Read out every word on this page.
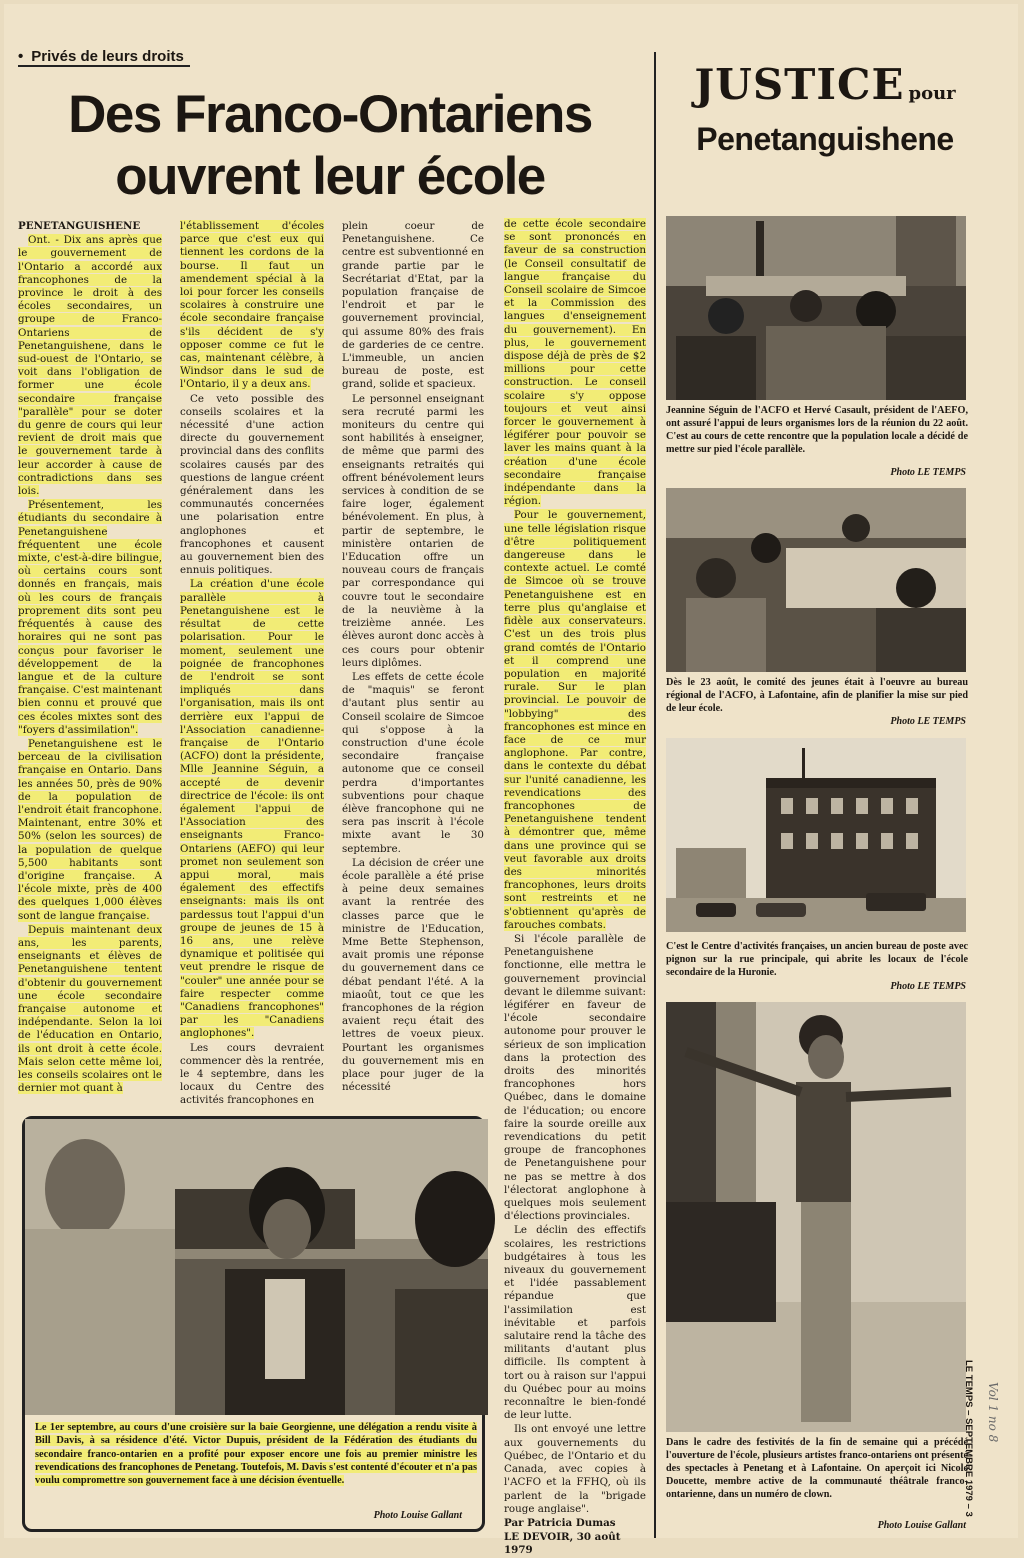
• Privés de leurs droits
Des Franco-Ontariens
ouvrent leur école
JUSTICE pour
Penetanguishene

PENETANGUISHENE

Ont. - Dix ans après que le gouvernement de l'Ontario a accordé aux francophones de la province le droit à des écoles secondaires, un groupe de Franco-Ontariens de Penetanguishene, dans le sud-ouest de l'Ontario, se voit dans l'obligation de former une école secondaire française "parallèle" pour se doter du genre de cours qui leur revient de droit mais que le gouvernement tarde à leur accorder à cause de contradictions dans ses lois.

Présentement, les étudiants du secondaire à Penetanguishene fréquentent une école mixte, c'est-à-dire bilingue, où certains cours sont donnés en français, mais où les cours de français proprement dits sont peu fréquentés à cause des horaires qui ne sont pas conçus pour favoriser le développement de la langue et de la culture française. C'est maintenant bien connu et prouvé que ces écoles mixtes sont des "foyers d'assimilation".

Penetanguishene est le berceau de la civilisation française en Ontario. Dans les années 50, près de 90% de la population de l'endroit était francophone. Maintenant, entre 30% et 50% (selon les sources) de la population de quelque 5,500 habitants sont d'origine française. A l'école mixte, près de 400 des quelques 1,000 élèves sont de langue française.

Depuis maintenant deux ans, les parents, enseignants et élèves de Penetanguishene tentent d'obtenir du gouvernement une école secondaire française autonome et indépendante. Selon la loi de l'éducation en Ontario, ils ont droit à cette école. Mais selon cette même loi, les conseils scolaires ont le dernier mot quant à

l'établissement d'écoles parce que c'est eux qui tiennent les cordons de la bourse. Il faut un amendement spécial à la loi pour forcer les conseils scolaires à construire une école secondaire française s'ils décident de s'y opposer comme ce fut le cas, maintenant célèbre, à Windsor dans le sud de l'Ontario, il y a deux ans.

Ce veto possible des conseils scolaires et la nécessité d'une action directe du gouvernement provincial dans des conflits scolaires causés par des questions de langue créent généralement dans les communautés concernées une polarisation entre anglophones et francophones et causent au gouvernement bien des ennuis politiques.

La création d'une école parallèle à Penetanguishene est le résultat de cette polarisation. Pour le moment, seulement une poignée de francophones de l'endroit se sont impliqués dans l'organisation, mais ils ont derrière eux l'appui de l'Association canadienne-française de l'Ontario (ACFO) dont la présidente, Mlle Jeannine Séguin, a accepté de devenir directrice de l'école: ils ont également l'appui de l'Association des enseignants Franco-Ontariens (AEFO) qui leur promet non seulement son appui moral, mais également des effectifs enseignants: mais ils ont pardessus tout l'appui d'un groupe de jeunes de 15 à 16 ans, une relève dynamique et politisée qui veut prendre le risque de "couler" une année pour se faire respecter comme "Canadiens francophones" par les "Canadiens anglophones".

Les cours devraient commencer dès la rentrée, le 4 septembre, dans les locaux du Centre des activités francophones en

plein coeur de Penetanguishene. Ce centre est subventionné en grande partie par le Secrétariat d'Etat, par la population française de l'endroit et par le gouvernement provincial, qui assume 80% des frais de garderies de ce centre. L'immeuble, un ancien bureau de poste, est grand, solide et spacieux.

Le personnel enseignant sera recruté parmi les moniteurs du centre qui sont habilités à enseigner, de même que parmi des enseignants retraités qui offrent bénévolement leurs services à condition de se faire loger, également bénévolement. En plus, à partir de septembre, le ministère ontarien de l'Education offre un nouveau cours de français par correspondance qui couvre tout le secondaire de la neuvième à la treizième année. Les élèves auront donc accès à ces cours pour obtenir leurs diplômes.

Les effets de cette école de "maquis" se feront d'autant plus sentir au Conseil scolaire de Simcoe qui s'oppose à la construction d'une école secondaire française autonome que ce conseil perdra d'importantes subventions pour chaque élève francophone qui ne sera pas inscrit à l'école mixte avant le 30 septembre.

La décision de créer une école parallèle a été prise à peine deux semaines avant la rentrée des classes parce que le ministre de l'Education, Mme Bette Stephenson, avait promis une réponse du gouvernement dans ce débat pendant l'été. A la miaoût, tout ce que les francophones de la région avaient reçu était des lettres de voeux pieux. Pourtant les organismes du gouvernement mis en place pour juger de la nécessité

de cette école secondaire se sont prononcés en faveur de sa construction (le Conseil consultatif de langue française du Conseil scolaire de Simcoe et la Commission des langues d'enseignement du gouvernement). En plus, le gouvernement dispose déjà de près de $2 millions pour cette construction. Le conseil scolaire s'y oppose toujours et veut ainsi forcer le gouvernement à légiférer pour pouvoir se laver les mains quant à la création d'une école secondaire française indépendante dans la région.

Pour le gouvernement, une telle législation risque d'être politiquement dangereuse dans le contexte actuel. Le comté de Simcoe où se trouve Penetanguishene est en terre plus qu'anglaise et fidèle aux conservateurs. C'est un des trois plus grand comtés de l'Ontario et il comprend une population en majorité rurale. Sur le plan provincial. Le pouvoir de "lobbying" des francophones est mince en face de ce mur anglophone. Par contre, dans le contexte du débat sur l'unité canadienne, les revendications des francophones de Penetanguishene tendent à démontrer que, même dans une province qui se veut favorable aux droits des minorités francophones, leurs droits sont restreints et ne s'obtiennent qu'après de farouches combats.

Si l'école parallèle de Penetanguishene fonctionne, elle mettra le gouvernement provincial devant le dilemme suivant: légiférer en faveur de l'école secondaire autonome pour prouver le sérieux de son implication dans la protection des droits des minorités francophones hors Québec, dans le domaine de l'éducation; ou encore faire la sourde oreille aux revendications du petit groupe de francophones de Penetanguishene pour ne pas se mettre à dos l'électorat anglophone à quelques mois seulement d'élections provinciales.

Le déclin des effectifs scolaires, les restrictions budgétaires à tous les niveaux du gouvernement et l'idée passablement répandue que l'assimilation est inévitable et parfois salutaire rend la tâche des militants d'autant plus difficile. Ils comptent à tort ou à raison sur l'appui du Québec pour au moins reconnaître le bien-fondé de leur lutte.

Ils ont envoyé une lettre aux gouvernements du Québec, de l'Ontario et du Canada, avec copies à l'ACFO et la FFHQ, où ils parlent de la "brigade rouge anglaise".

Par Patricia Dumas

LE DEVOIR, 30 août 1979

Jeannine Séguin de l'ACFO et Hervé Casault, président de l'AEFO, ont assuré l'appui de leurs organismes lors de la réunion du 22 août. C'est au cours de cette rencontre que la population locale a décidé de mettre sur pied l'école parallèle.
Photo LE TEMPS
Dès le 23 août, le comité des jeunes était à l'oeuvre au bureau régional de l'ACFO, à Lafontaine, afin de planifier la mise sur pied de leur école.
Photo LE TEMPS
C'est le Centre d'activités françaises, un ancien bureau de poste avec pignon sur la rue principale, qui abrite les locaux de l'école secondaire de la Huronie.
Photo LE TEMPS
Dans le cadre des festivités de la fin de semaine qui a précédé l'ouverture de l'école, plusieurs artistes franco-ontariens ont présenté des spectacles à Penetang et à Lafontaine. On aperçoit ici Nicole Doucette, membre active de la communauté théâtrale franco-ontarienne, dans un numéro de clown.
Photo Louise Gallant
Le 1er septembre, au cours d'une croisière sur la baie Georgienne, une délégation a rendu visite à Bill Davis, à sa résidence d'été. Victor Dupuis, président de la Fédération des étudiants du secondaire franco-ontarien en a profité pour exposer encore une fois au premier ministre les revendications des francophones de Penetang. Toutefois, M. Davis s'est contenté d'écouter et n'a pas voulu compromettre son gouvernement face à une décision éventuelle.
Photo Louise Gallant	LE TEMPS – SEPTEMBRE 1979 – 3 Vol 1 no 8
